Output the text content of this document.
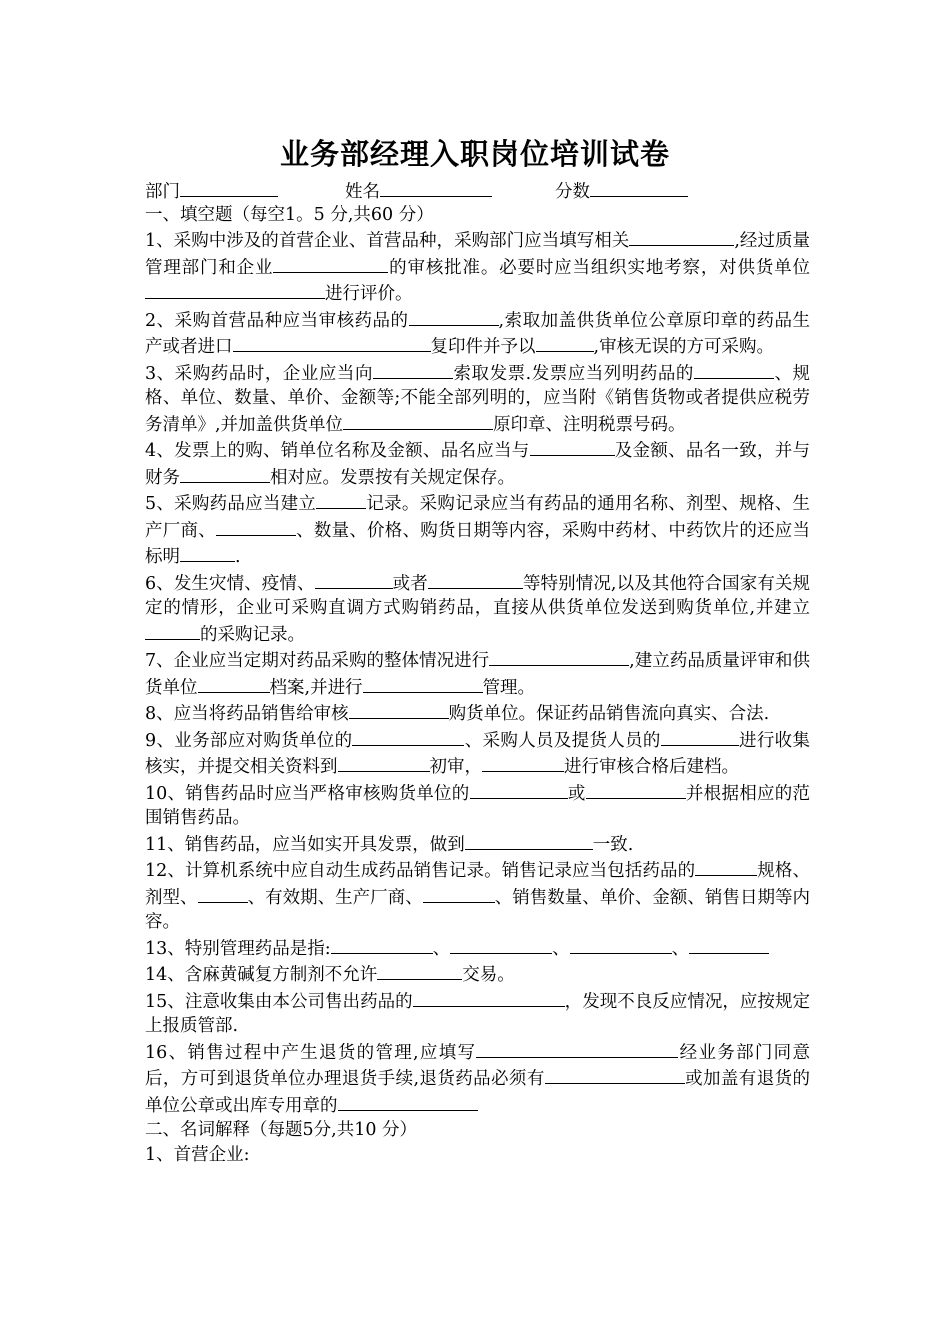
业务部经理入职岗位培训试卷
部门	姓名	分数
一、填空题（每空1。5 分,共60 分）
1、采购中涉及的首营企业、首营品种，采购部门应当填写相关	,经过质量管理部门和企业	的审核批准。必要时应当组织实地考察，对供货单位进行评价。
2、采购首营品种应当审核药品的	,索取加盖供货单位公章原印章的药品生产或者进口	复印件并予以	,审核无误的方可采购。
3、采购药品时，企业应当向	索取发票.发票应当列明药品的	、规格、单位、数量、单价、金额等;不能全部列明的，应当附《销售货物或者提供应税劳务清单》,并加盖供货单位	原印章、注明税票号码。
4、发票上的购、销单位名称及金额、品名应当与	及金额、品名一致，并与财务	相对应。发票按有关规定保存。
5、采购药品应当建立	记录。采购记录应当有药品的通用名称、剂型、规格、生产厂商、	、数量、价格、购货日期等内容，采购中药材、中药饮片的还应当标明	.
6、发生灾情、疫情、	或者	等特别情况,以及其他符合国家有关规定的情形，企业可采购直调方式购销药品，直接从供货单位发送到购货单位,并建立的采购记录。
7、企业应当定期对药品采购的整体情况进行	,建立药品质量评审和供货单位	档案,并进行	管理。
8、应当将药品销售给审核	购货单位。保证药品销售流向真实、合法.
9、业务部应对购货单位的	、采购人员及提货人员的	进行收集核实，并提交相关资料到	初审，	进行审核合格后建档。
10、销售药品时应当严格审核购货单位的	或	并根据相应的范围销售药品。
11、销售药品，应当如实开具发票，做到	一致.
12、计算机系统中应自动生成药品销售记录。销售记录应当包括药品的	规格、剂型、	、有效期、生产厂商、	、销售数量、单价、金额、销售日期等内容。
13、特别管理药品是指:	、	、	、
14、含麻黄碱复方制剂不允许	交易。
15、注意收集由本公司售出药品的	，发现不良反应情况，应按规定上报质管部.
16、销售过程中产生退货的管理,应填写	经业务部门同意后，方可到退货单位办理退货手续,退货药品必须有	或加盖有退货的单位公章或出库专用章的
二、名词解释（每题5分,共10 分）
1、首营企业:
